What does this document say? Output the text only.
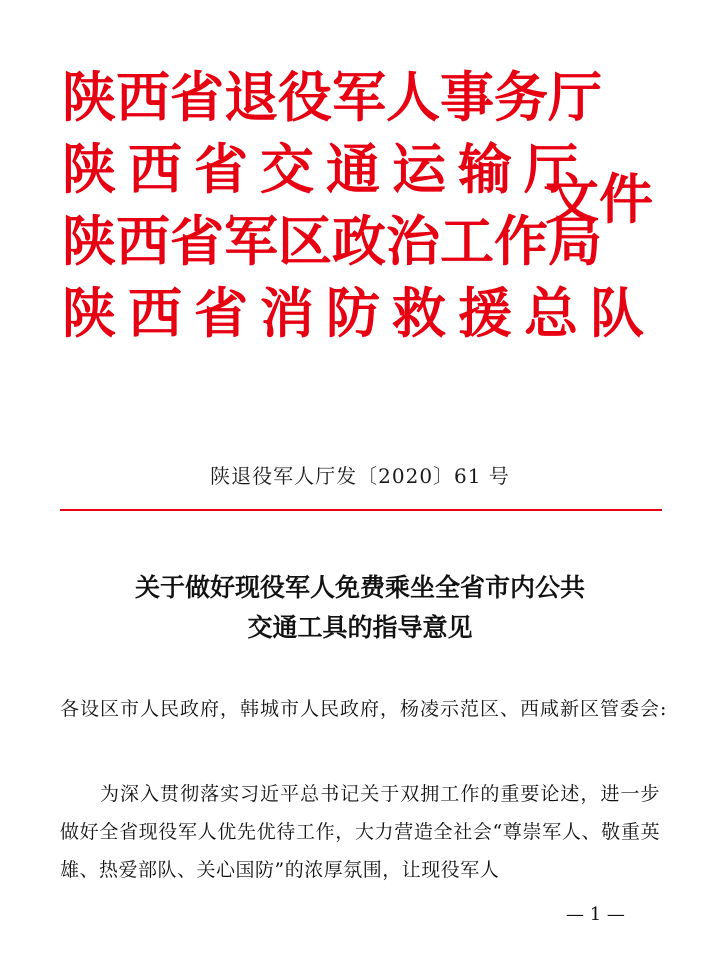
陕西省退役军人事务厅
陕西省交通运输厅
陕西省军区政治工作局
陕西省消防救援总队
文件
陕退役军人厅发〔2020〕61 号
关于做好现役军人免费乘坐全省市内公共
交通工具的指导意见
各设区市人民政府，韩城市人民政府，杨凌示范区、西咸新区管委会:
为深入贯彻落实习近平总书记关于双拥工作的重要论述，进一步做好全省现役军人优先优待工作，大力营造全社会“尊崇军人、敬重英雄、热爱部队、关心国防”的浓厚氛围，让现役军人
— 1 —
